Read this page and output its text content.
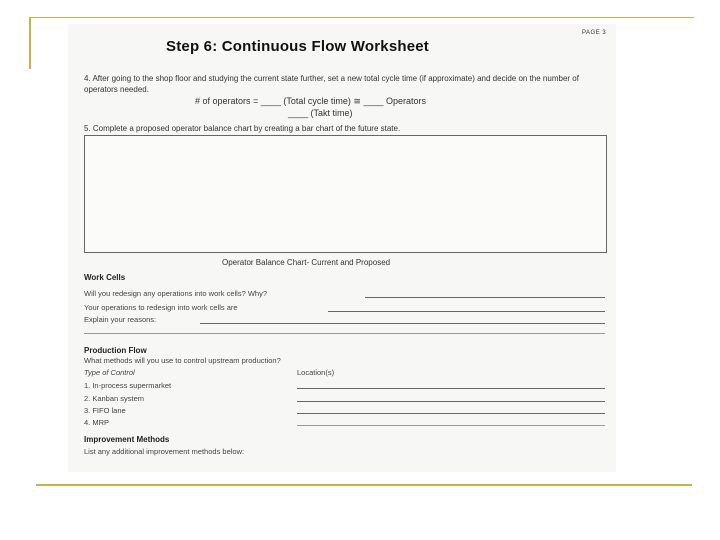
PAGE 3
Step 6: Continuous Flow Worksheet
4. After going to the shop floor and studying the current state further, set a new total cycle time (if approximate) and decide on the number of operators needed.
# of operators = ____ (Total cycle time) ≅ ____ Operators
____ (Takt time)
5. Complete a proposed operator balance chart by creating a bar chart of the future state.
Operator Balance Chart- Current and Proposed
Work Cells
Will you redesign any operations into work cells? Why?
Your operations to redesign into work cells are
Explain your reasons:
Production Flow
What methods will you use to control upstream production?
Type of Control	Location(s)
1. In-process supermarket
2. Kanban system
3. FIFO lane
4. MRP
Improvement Methods
List any additional improvement methods below:
